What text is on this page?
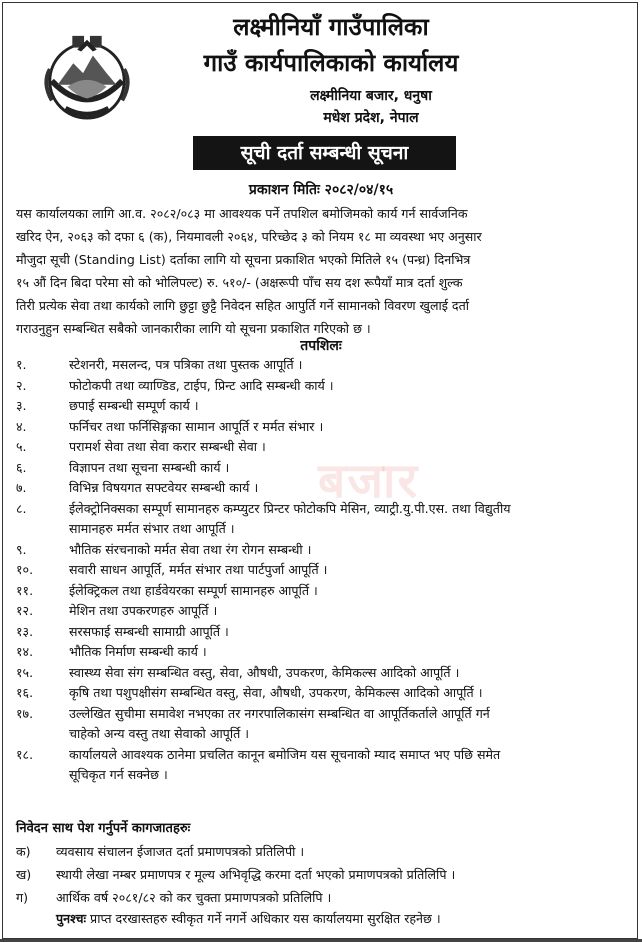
लक्ष्मीनियाँ गाउँपालिका
गाउँ कार्यपालिकाको कार्यालय
लक्ष्मीनिया बजार, धनुषा
मधेश प्रदेश, नेपाल
सूची दर्ता सम्बन्धी सूचना
प्रकाशन मितिः २०८२/०४/१५
यस कार्यालयका लागि आ.व. २०८२/०८३ मा आवश्यक पर्ने तपशिल बमोजिमको कार्य गर्न सार्वजनिक
खरिद ऐन, २०६३ को दफा ६ (क), नियमावली २०६४, परिच्छेद ३ को नियम १८ मा व्यवस्था भए अनुसार
मौजुदा सूची (Standing List) दर्ताका लागि यो सूचना प्रकाशित भएको मितिले १५ (पन्ध्र) दिनभित्र
१५ औं दिन बिदा परेमा सो को भोलिपल्ट) रु. ५१०/- (अक्षरूपी पाँच सय दश रूपैयाँ मात्र दर्ता शुल्क
तिरी प्रत्येक सेवा तथा कार्यको लागि छुट्टा छुट्टै निवेदन सहित आपुर्ति गर्ने सामानको विवरण खुलाई दर्ता
गराउनुहुन सम्बन्धित सबैको जानकारीका लागि यो सूचना प्रकाशित गरिएको छ ।
बजार
तपशिलः
१.	स्टेशनरी, मसलन्द, पत्र पत्रिका तथा पुस्तक आपूर्ति ।
२.	फोटोकपी तथा व्याण्डिड, टाईप, प्रिन्ट आदि सम्बन्धी कार्य ।
३.	छपाई सम्बन्धी सम्पूर्ण कार्य ।
४.	फर्निचर तथा फर्निसिङ्गका सामान आपूर्ति र मर्मत संभार ।
५.	परामर्श सेवा तथा सेवा करार सम्बन्धी सेवा ।
६.	विज्ञापन तथा सूचना सम्बन्धी कार्य ।
७.	विभिन्न विषयगत सफ्टवेयर सम्बन्धी कार्य ।
८.	ईलेक्ट्रोनिक्सका सम्पूर्ण सामानहरु कम्प्युटर प्रिन्टर फोटोकपि मेसिन, व्याट्री.यु.पी.एस. तथा विद्युतीय
सामानहरु मर्मत संभार तथा आपूर्ति ।
९.	भौतिक संरचनाको मर्मत सेवा तथा रंग रोगन सम्बन्धी ।
१०.	सवारी साधन आपूर्ति, मर्मत संभार तथा पार्टपुर्जा आपूर्ति ।
११.	ईलेक्ट्रिकल तथा हार्डवेयरका सम्पूर्ण सामानहरु आपूर्ति ।
१२.	मेशिन तथा उपकरणहरु आपूर्ति ।
१३.	सरसफाई सम्बन्धी सामाग्री आपूर्ति ।
१४.	भौतिक निर्माण सम्बन्धी कार्य ।
१५.	स्वास्थ्य सेवा संग सम्बन्धित वस्तु, सेवा, औषधी, उपकरण, केमिकल्स आदिको आपूर्ति ।
१६.	कृषि तथा पशुपक्षीसंग सम्बन्धित वस्तु, सेवा, औषधी, उपकरण, केमिकल्स आदिको आपूर्ति ।
१७.	उल्लेखित सुचीमा समावेश नभएका तर नगरपालिकासंग सम्बन्धित वा आपूर्तिकर्ताले आपूर्ति गर्न
चाहेको अन्य वस्तु तथा सेवाको आपूर्ति ।
१८.	कार्यालयले आवश्यक ठानेमा प्रचलित कानून बमोजिम यस सूचनाको म्याद समाप्त भए पछि समेत
सूचिकृत गर्न सक्नेछ ।
निवेदन साथ पेश गर्नुपर्ने कागजातहरुः
क)	व्यवसाय संचालन ईजाजत दर्ता प्रमाणपत्रको प्रतिलिपी ।
ख)	स्थायी लेखा नम्बर प्रमाणपत्र र मूल्य अभिवृद्धि करमा दर्ता भएको प्रमाणपत्रको प्रतिलिपि ।
ग)	आर्थिक वर्ष २०८१/८२ को कर चुक्ता प्रमाणपत्रको प्रतिलिपि ।
पुनश्चः प्राप्त दरखास्तहरु स्वीकृत गर्ने नगर्ने अधिकार यस कार्यालयमा सुरक्षित रहनेछ ।
